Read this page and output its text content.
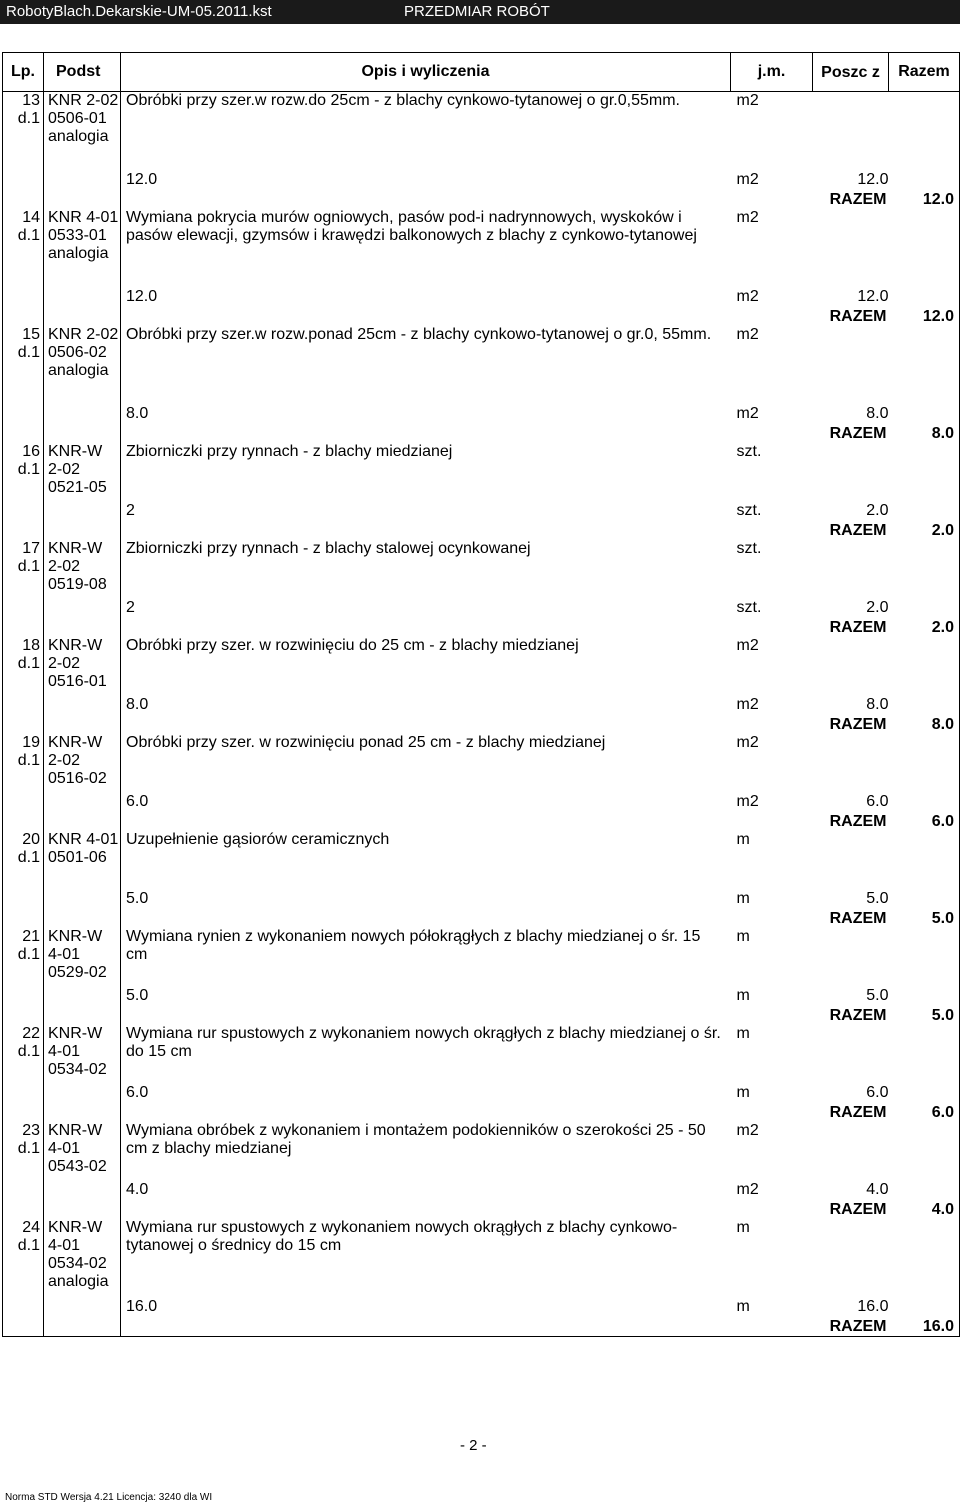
RobotyBlach.Dekarskie-UM-05.2011.kst	PRZEDMIAR ROBÓT
Lp.	Podst	Opis i wyliczenia	j.m.	Poszc z	Razem
13 d.1	KNR 2-02 0506-01 analogia	Obróbki przy szer.w rozw.do 25cm - z blachy cynkowo-tytanowej o gr.0,55mm.	m2		
		12.0	m2	12.0	
			RAZEM		12.0
14 d.1	KNR 4-01 0533-01 analogia	Wymiana pokrycia murów ogniowych, pasów pod-i nadrynnowych, wyskoków i pasów elewacji, gzymsów i krawędzi balkonowych z blachy z cynkowo-tytanowej	m2		
		12.0	m2	12.0	
			RAZEM		12.0
15 d.1	KNR 2-02 0506-02 analogia	Obróbki przy szer.w rozw.ponad 25cm - z blachy cynkowo-tytanowej o gr.0, 55mm.	m2		
		8.0	m2	8.0	
			RAZEM		8.0
16 d.1	KNR-W 2-02 0521-05	Zbiorniczki przy rynnach - z blachy miedzianej	szt.		
		2	szt.	2.0	
			RAZEM		2.0
17 d.1	KNR-W 2-02 0519-08	Zbiorniczki przy rynnach - z blachy stalowej ocynkowanej	szt.		
		2	szt.	2.0	
			RAZEM		2.0
18 d.1	KNR-W 2-02 0516-01	Obróbki przy szer. w rozwinięciu do 25 cm - z blachy miedzianej	m2		
		8.0	m2	8.0	
			RAZEM		8.0
19 d.1	KNR-W 2-02 0516-02	Obróbki przy szer. w rozwinięciu ponad 25 cm - z blachy miedzianej	m2		
		6.0	m2	6.0	
			RAZEM		6.0
20 d.1	KNR 4-01 0501-06	Uzupełnienie gąsiorów ceramicznych	m		
		5.0	m	5.0	
			RAZEM		5.0
21 d.1	KNR-W 4-01 0529-02	Wymiana rynien z wykonaniem nowych półokrągłych z blachy miedzianej o śr. 15 cm	m		
		5.0	m	5.0	
			RAZEM		5.0
22 d.1	KNR-W 4-01 0534-02	Wymiana rur spustowych z wykonaniem nowych okrągłych z blachy miedzianej o śr. do 15 cm	m		
		6.0	m	6.0	
			RAZEM		6.0
23 d.1	KNR-W 4-01 0543-02	Wymiana obróbek z wykonaniem i montażem podokienników o szerokości 25 - 50 cm z blachy miedzianej	m2		
		4.0	m2	4.0	
			RAZEM		4.0
24 d.1	KNR-W 4-01 0534-02 analogia	Wymiana rur spustowych z wykonaniem nowych okrągłych z blachy cynkowo-tytanowej o średnicy do 15 cm	m		
		16.0	m	16.0	
			RAZEM		16.0
- 2 -
Norma STD Wersja 4.21 Licencja: 3240 dla WI
